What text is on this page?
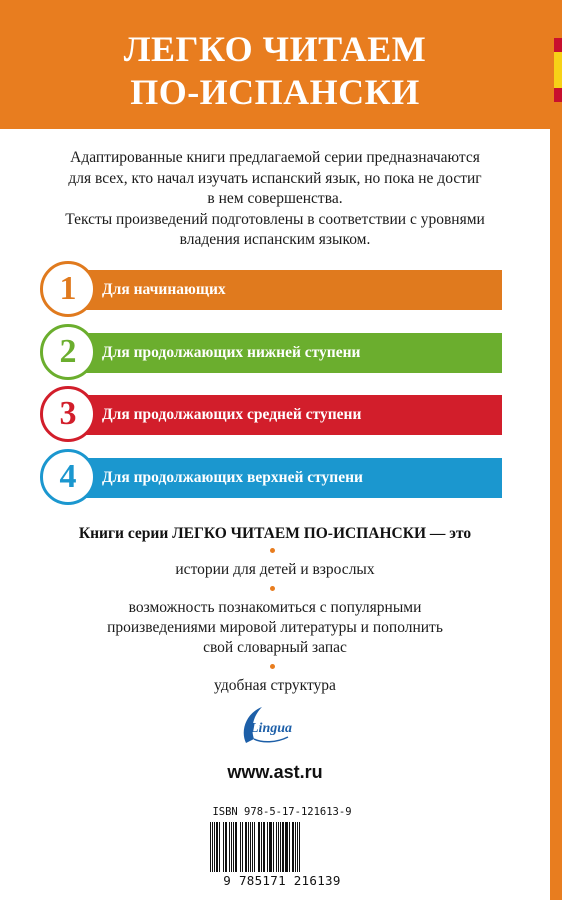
ЛЕГКО ЧИТАЕМ
ПО-ИСПАНСКИ

Адаптированные книги предлагаемой серии предназначаются

для всех, кто начал изучать испанский язык, но пока не достиг

в нем совершенства.

Тексты произведений подготовлены в соответствии с уровнями

владения испанским языком.

1	Для начинающих
2	Для продолжающих нижней ступени
3	Для продолжающих средней ступени
4	Для продолжающих верхней ступени
Книги серии ЛЕГКО ЧИТАЕМ ПО-ИСПАНСКИ — это
истории для детей и взрослых
возможность познакомиться с популярными
произведениями мировой литературы и пополнить
свой словарный запас
удобная структура
Lingua
www.ast.ru
ISBN 978-5-17-121613-9
9 785171 216139
